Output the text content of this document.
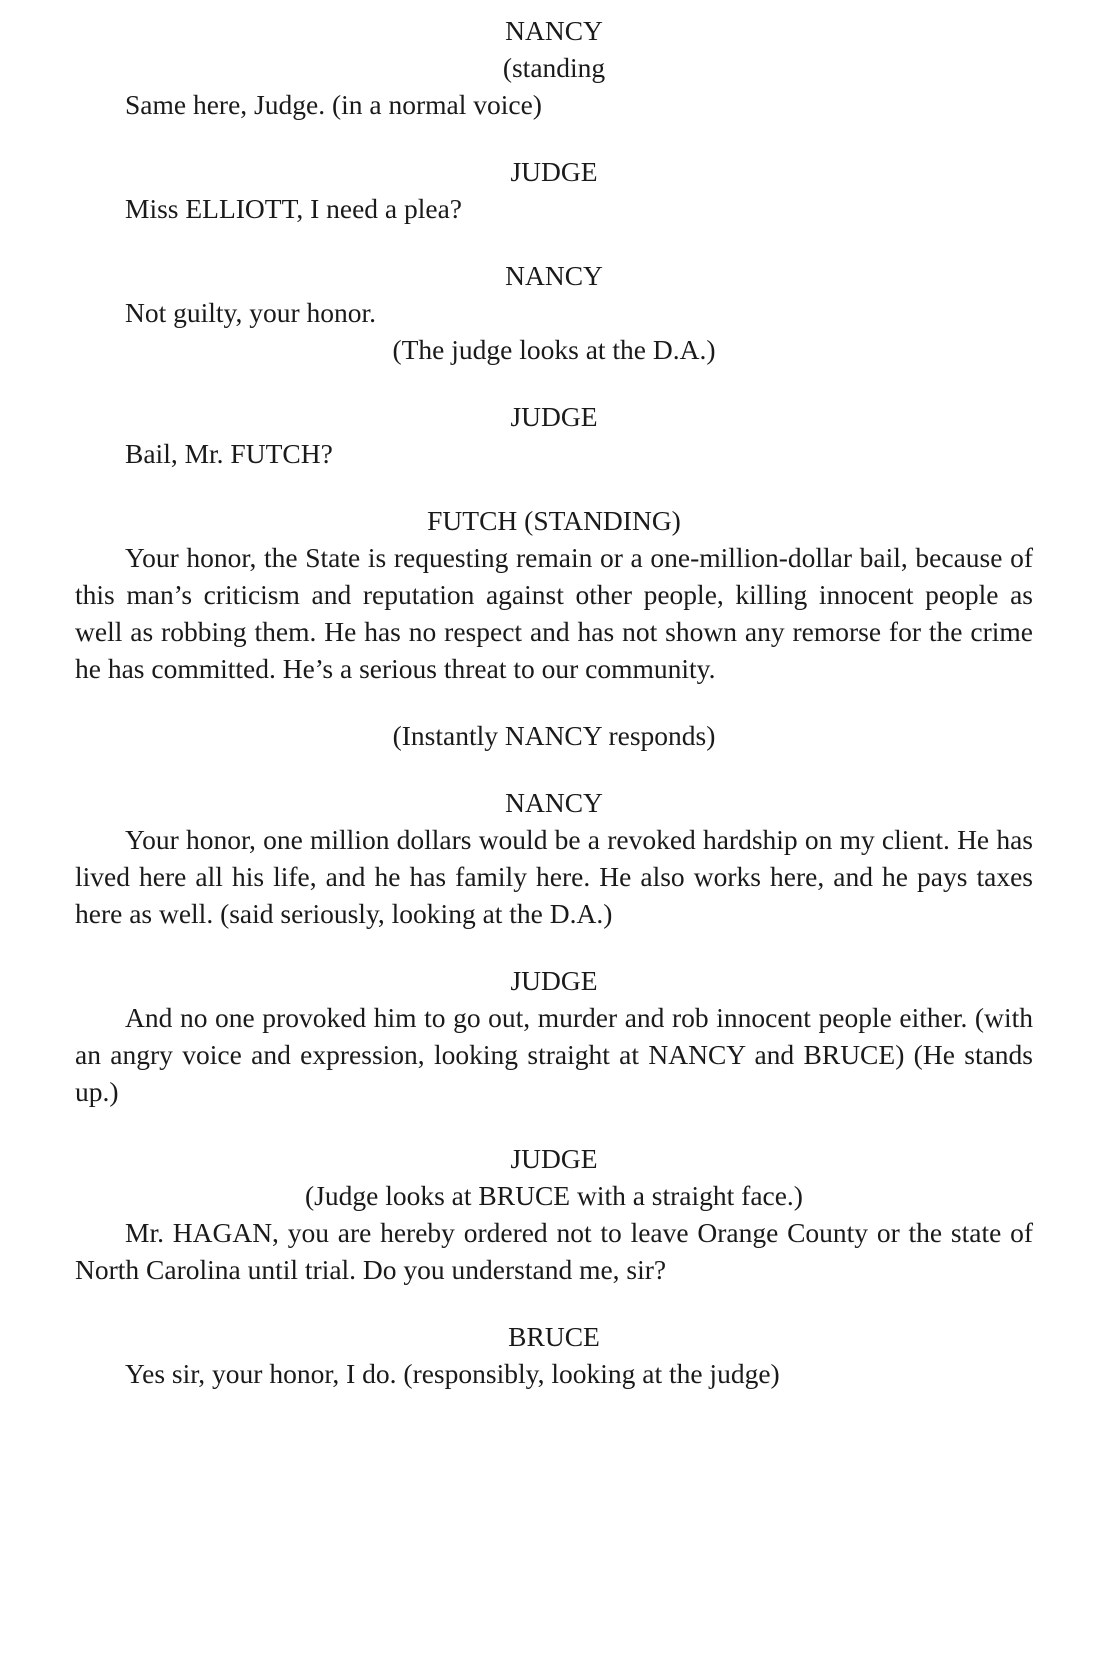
NANCY

(standing

Same here, Judge. (in a normal voice)

JUDGE

Miss ELLIOTT, I need a plea?

NANCY

Not guilty, your honor.

(The judge looks at the D.A.)

JUDGE

Bail, Mr. FUTCH?

FUTCH (STANDING)

Your honor, the State is requesting remain or a one-million-dollar bail, because of this man’s criticism and reputation against other people, killing innocent people as well as robbing them. He has no respect and has not shown any remorse for the crime he has committed. He’s a serious threat to our community.

(Instantly NANCY responds)

NANCY

Your honor, one million dollars would be a revoked hardship on my client. He has lived here all his life, and he has family here. He also works here, and he pays taxes here as well. (said seriously, looking at the D.A.)

JUDGE

And no one provoked him to go out, murder and rob innocent people either. (with an angry voice and expression, looking straight at NANCY and BRUCE) (He stands up.)

JUDGE

(Judge looks at BRUCE with a straight face.)

Mr. HAGAN, you are hereby ordered not to leave Orange County or the state of North Carolina until trial. Do you understand me, sir?

BRUCE

Yes sir, your honor, I do. (responsibly, looking at the judge)
